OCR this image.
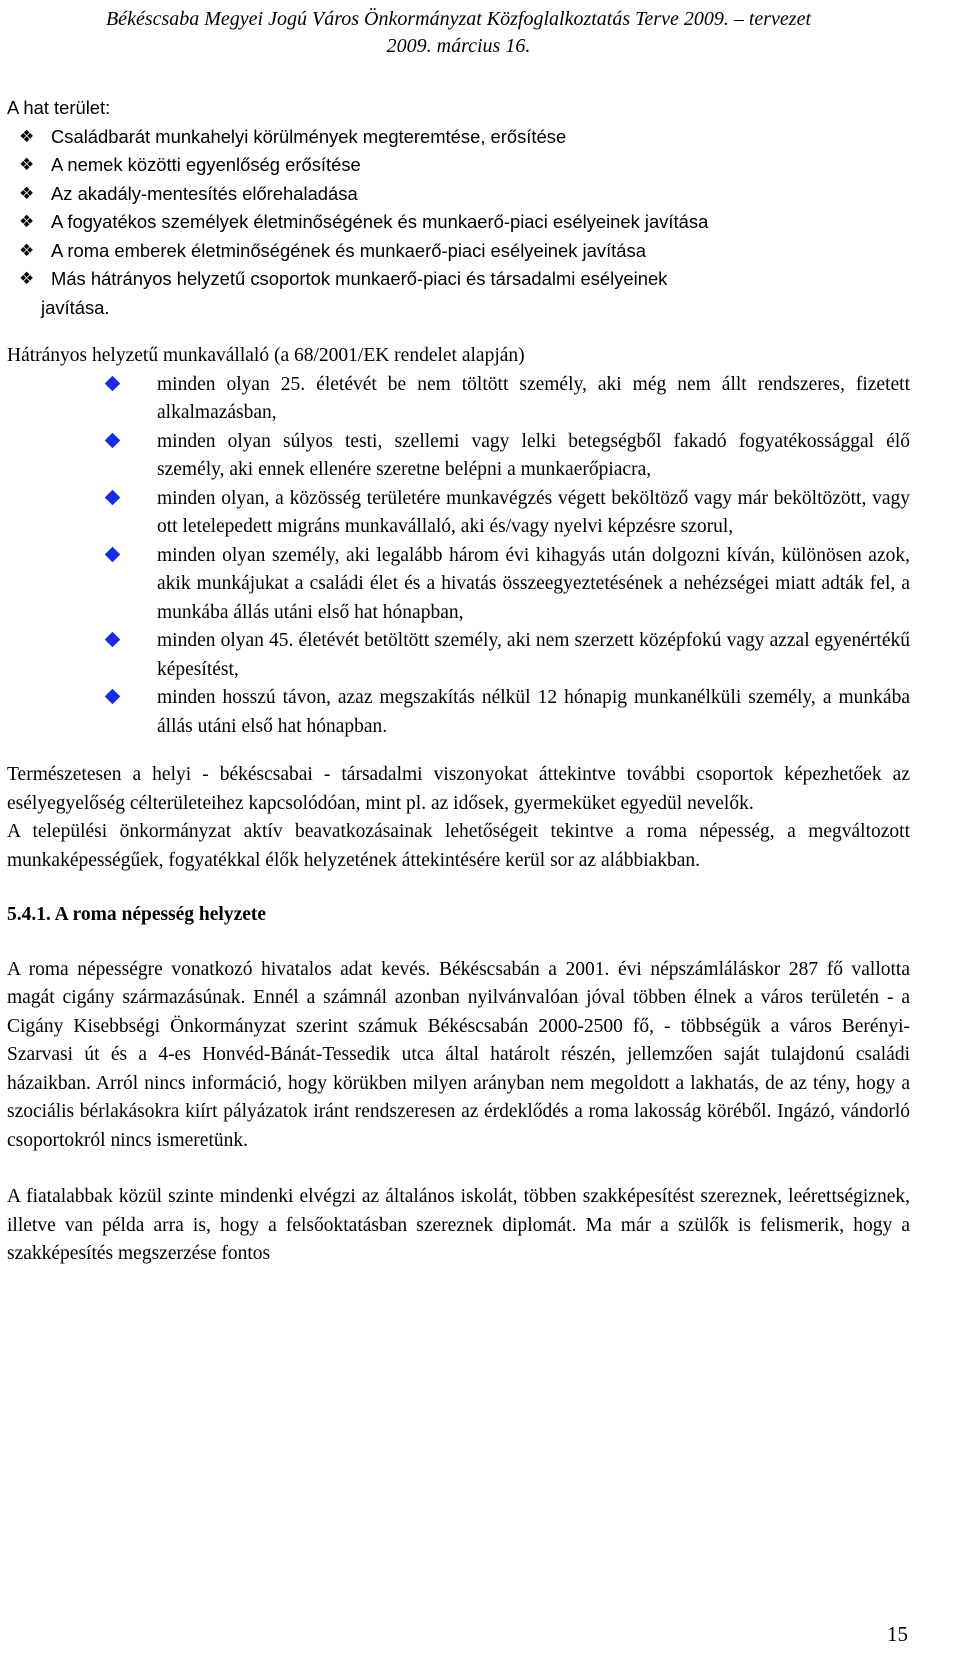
Békéscsaba Megyei Jogú Város Önkormányzat Közfoglalkoztatás Terve 2009. – tervezet
2009. március 16.
A hat terület:
❖ Családbarát munkahelyi körülmények megteremtése, erősítése
❖ A nemek közötti egyenlőség erősítése
❖ Az akadály-mentesítés előrehaladása
❖ A fogyatékos személyek életminőségének és munkaerő-piaci esélyeinek javítása
❖ A roma emberek életminőségének és munkaerő-piaci esélyeinek javítása
❖ Más hátrányos helyzetű csoportok munkaerő-piaci és társadalmi esélyeinek
javítása.
Hátrányos helyzetű munkavállaló (a 68/2001/EK rendelet alapján)
minden olyan 25. életévét be nem töltött személy, aki még nem állt rendszeres, fizetett alkalmazásban,
minden olyan súlyos testi, szellemi vagy lelki betegségből fakadó fogyatékossággal élő személy, aki ennek ellenére szeretne belépni a munkaerőpiacra,
minden olyan, a közösség területére munkavégzés végett beköltöző vagy már beköltözött, vagy ott letelepedett migráns munkavállaló, aki és/vagy nyelvi képzésre szorul,
minden olyan személy, aki legalább három évi kihagyás után dolgozni kíván, különösen azok, akik munkájukat a családi élet és a hivatás összeegyeztetésének a nehézségei miatt adták fel, a munkába állás utáni első hat hónapban,
minden olyan 45. életévét betöltött személy, aki nem szerzett középfokú vagy azzal egyenértékű képesítést,
minden hosszú távon, azaz megszakítás nélkül 12 hónapig munkanélküli személy, a munkába állás utáni első hat hónapban.

Természetesen a helyi - békéscsabai - társadalmi viszonyokat áttekintve további csoportok képezhetőek az esélyegyelőség célterületeihez kapcsolódóan, mint pl. az idősek, gyermeküket egyedül nevelők.

A települési önkormányzat aktív beavatkozásainak lehetőségeit tekintve a roma népesség, a megváltozott munkaképességűek, fogyatékkal élők helyzetének áttekintésére kerül sor az alábbiakban.

5.4.1. A roma népesség helyzete

A roma népességre vonatkozó hivatalos adat kevés. Békéscsabán a 2001. évi népszámláláskor 287 fő vallotta magát cigány származásúnak. Ennél a számnál azonban nyilvánvalóan jóval többen élnek a város területén - a Cigány Kisebbségi Önkormányzat szerint számuk Békéscsabán 2000-2500 fő, - többségük a város Berényi-Szarvasi út és a 4-es Honvéd-Bánát-Tessedik utca által határolt részén, jellemzően saját tulajdonú családi házaikban. Arról nincs információ, hogy körükben milyen arányban nem megoldott a lakhatás, de az tény, hogy a szociális bérlakásokra kiírt pályázatok iránt rendszeresen az érdeklődés a roma lakosság köréből. Ingázó, vándorló csoportokról nincs ismeretünk.

A fiatalabbak közül szinte mindenki elvégzi az általános iskolát, többen szakképesítést szereznek, leérettségiznek, illetve van példa arra is, hogy a felsőoktatásban szereznek diplomát. Ma már a szülők is felismerik, hogy a szakképesítés megszerzése fontos

15
